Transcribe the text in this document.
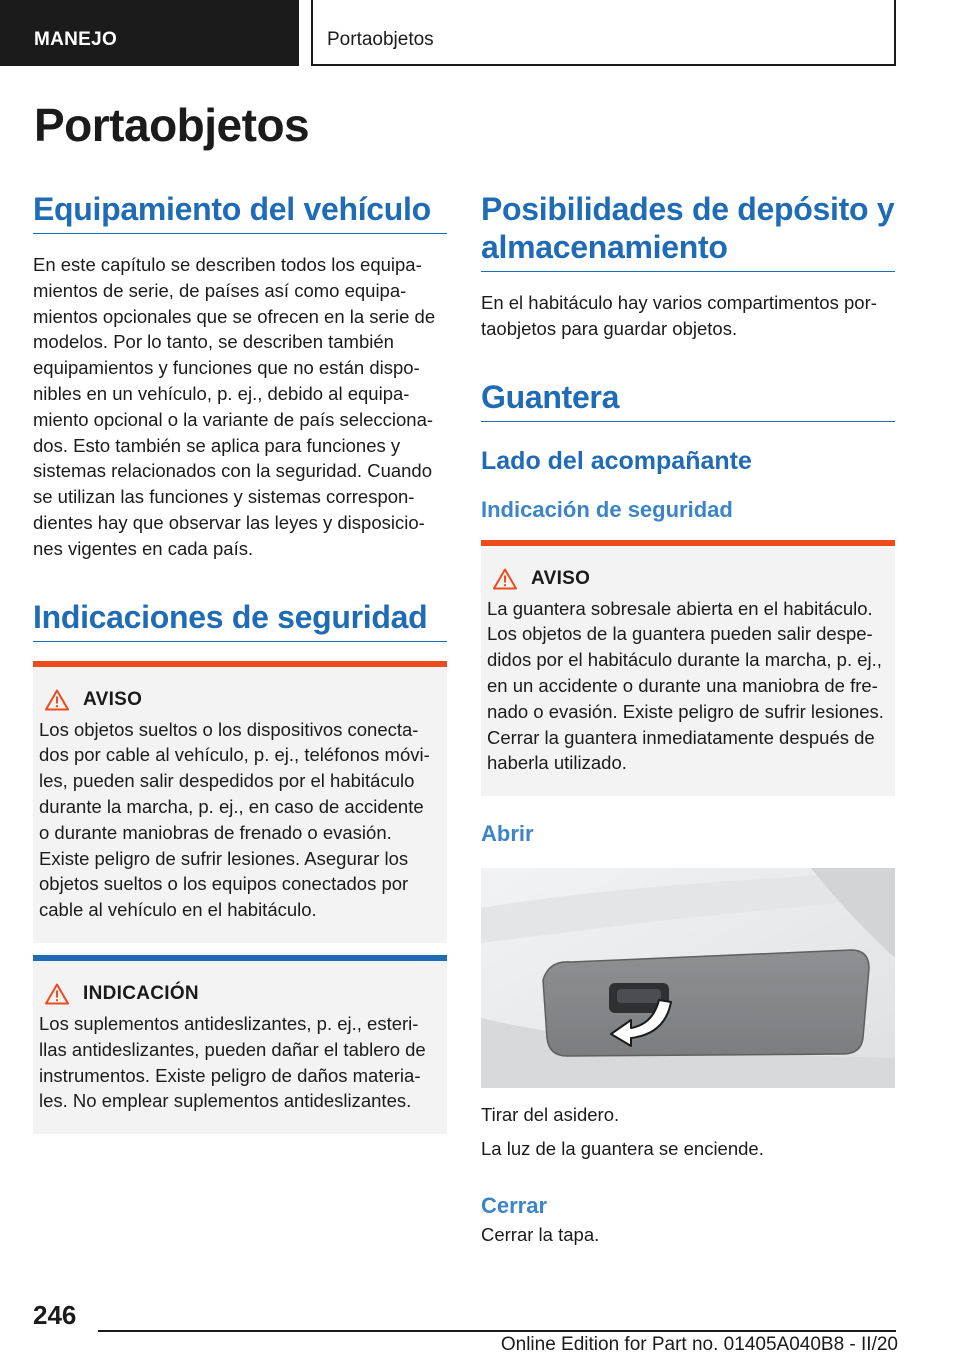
MANEJO	Portaobjetos
Portaobjetos
Equipamiento del vehículo

En este capítulo se describen todos los equipa- mientos de serie, de países así como equipa- mientos opcionales que se ofrecen en la serie de modelos. Por lo tanto, se describen también equipamientos y funciones que no están dispo- nibles en un vehículo, p. ej., debido al equipa- miento opcional o la variante de país selecciona- dos. Esto también se aplica para funciones y sistemas relacionados con la seguridad. Cuando se utilizan las funciones y sistemas correspon- dientes hay que observar las leyes y disposicio- nes vigentes en cada país.

Indicaciones de seguridad
AVISO

Los objetos sueltos o los dispositivos conecta- dos por cable al vehículo, p. ej., teléfonos móvi- les, pueden salir despedidos por el habitáculo durante la marcha, p. ej., en caso de accidente o durante maniobras de frenado o evasión. Existe peligro de sufrir lesiones. Asegurar los objetos sueltos o los equipos conectados por cable al vehículo en el habitáculo.

INDICACIÓN

Los suplementos antideslizantes, p. ej., esteri- llas antideslizantes, pueden dañar el tablero de instrumentos. Existe peligro de daños materia- les. No emplear suplementos antideslizantes.

Posibilidades de depósito y almacenamiento

En el habitáculo hay varios compartimentos por- taobjetos para guardar objetos.

Guantera
Lado del acompañante
Indicación de seguridad
AVISO

La guantera sobresale abierta en el habitáculo. Los objetos de la guantera pueden salir despe- didos por el habitáculo durante la marcha, p. ej., en un accidente o durante una maniobra de fre- nado o evasión. Existe peligro de sufrir lesiones. Cerrar la guantera inmediatamente después de haberla utilizado.

Abrir

Tirar del asidero.

La luz de la guantera se enciende.

Cerrar

Cerrar la tapa.

246
Online Edition for Part no. 01405A040B8 - II/20
